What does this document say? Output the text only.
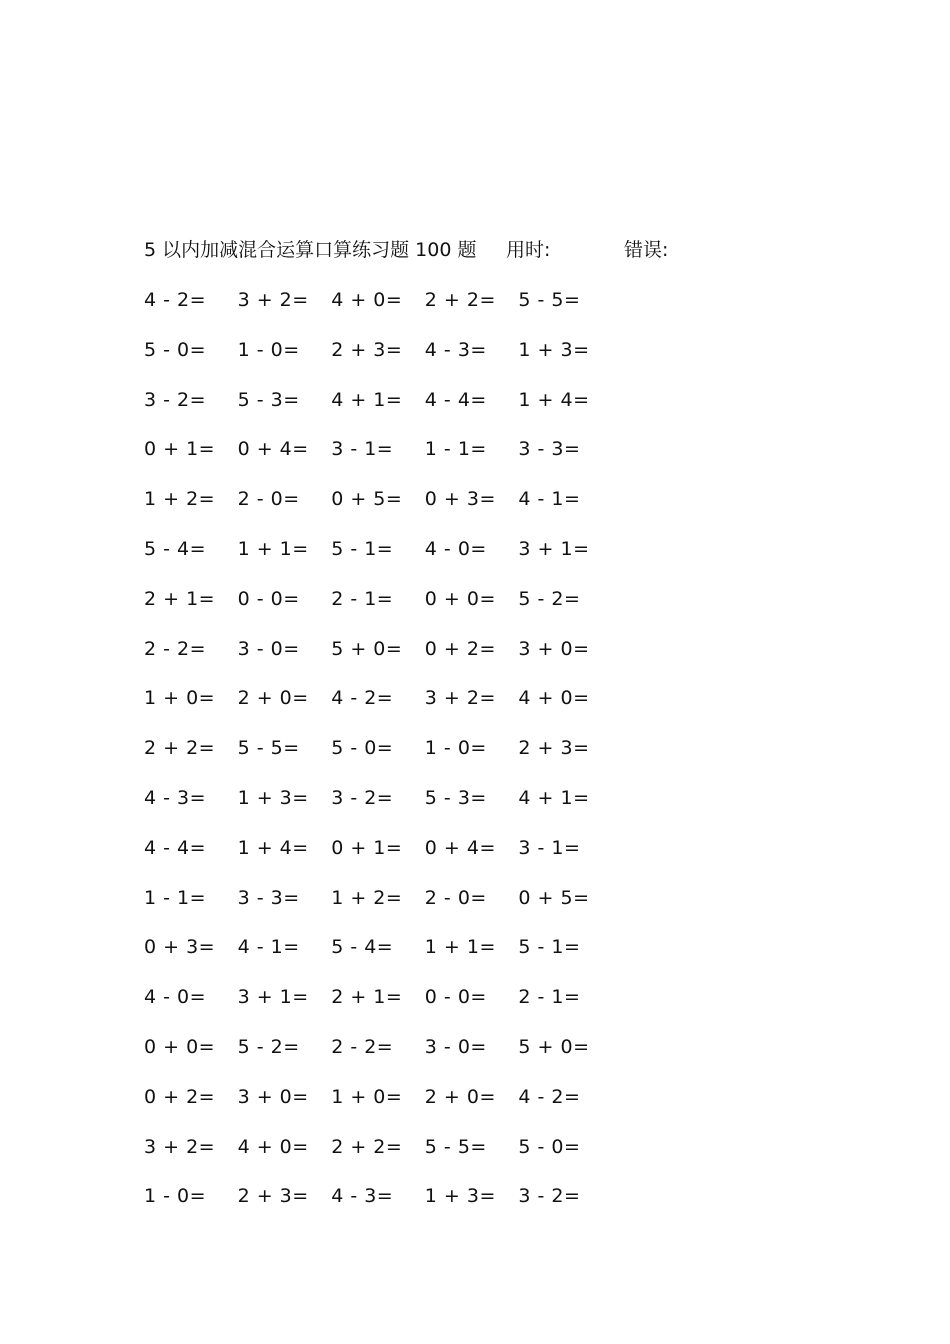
5 以内加减混合运算口算练习题 100 题 用时:	错误:
4 - 2= 3 + 2= 4 + 0= 2 + 2= 5 - 5=
5 - 0= 1 - 0= 2 + 3= 4 - 3= 1 + 3=
3 - 2= 5 - 3= 4 + 1= 4 - 4= 1 + 4=
0 + 1= 0 + 4= 3 - 1= 1 - 1= 3 - 3=
1 + 2= 2 - 0= 0 + 5= 0 + 3= 4 - 1=
5 - 4= 1 + 1= 5 - 1= 4 - 0= 3 + 1=
2 + 1= 0 - 0= 2 - 1= 0 + 0= 5 - 2=
2 - 2= 3 - 0= 5 + 0= 0 + 2= 3 + 0=
1 + 0= 2 + 0= 4 - 2= 3 + 2= 4 + 0=
2 + 2= 5 - 5= 5 - 0= 1 - 0= 2 + 3=
4 - 3= 1 + 3= 3 - 2= 5 - 3= 4 + 1=
4 - 4= 1 + 4= 0 + 1= 0 + 4= 3 - 1=
1 - 1= 3 - 3= 1 + 2= 2 - 0= 0 + 5=
0 + 3= 4 - 1= 5 - 4= 1 + 1= 5 - 1=
4 - 0= 3 + 1= 2 + 1= 0 - 0= 2 - 1=
0 + 0= 5 - 2= 2 - 2= 3 - 0= 5 + 0=
0 + 2= 3 + 0= 1 + 0= 2 + 0= 4 - 2=
3 + 2= 4 + 0= 2 + 2= 5 - 5= 5 - 0=
1 - 0= 2 + 3= 4 - 3= 1 + 3= 3 - 2=
